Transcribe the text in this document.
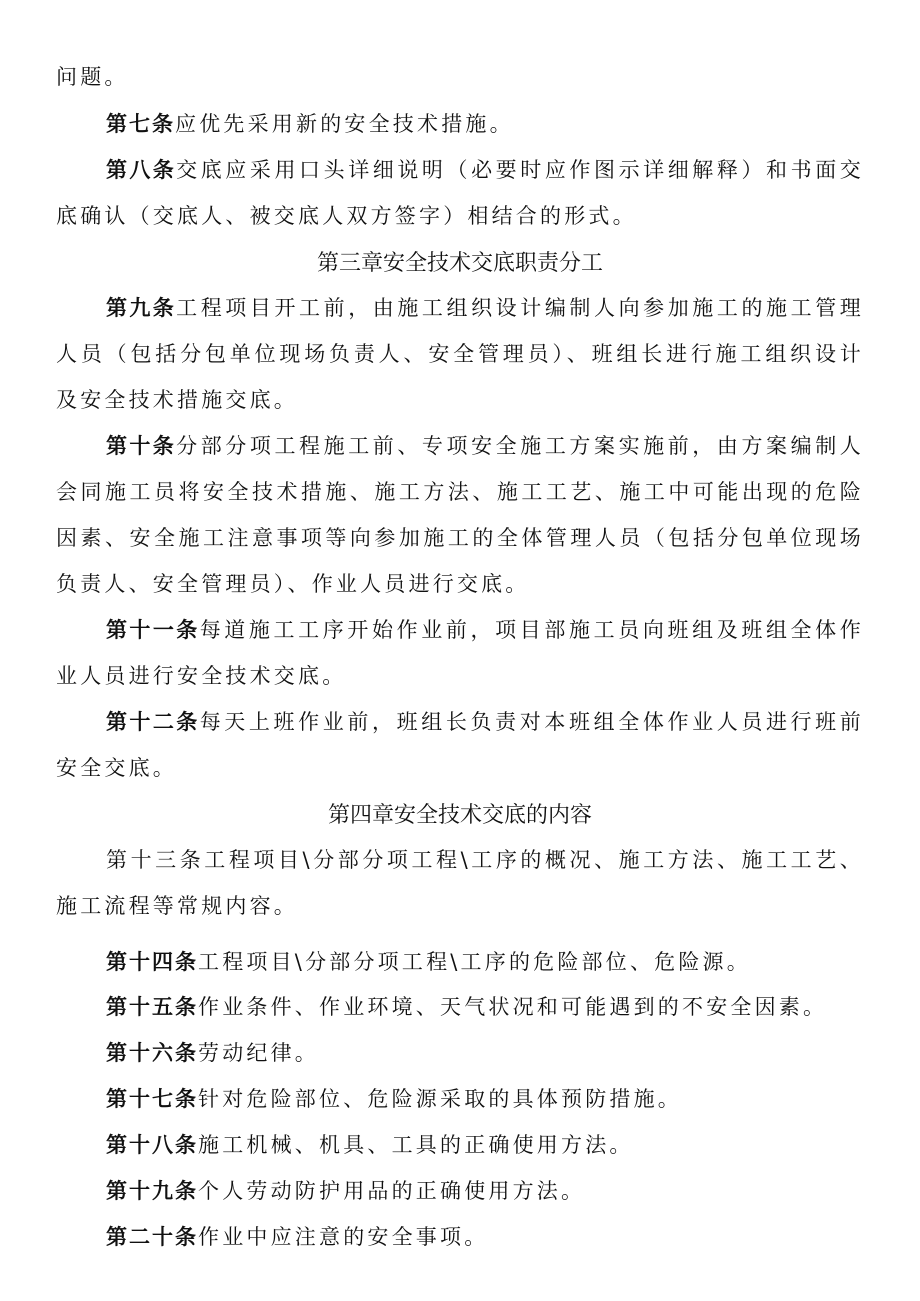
问题。

第七条应优先采用新的安全技术措施。

第八条交底应采用口头详细说明（必要时应作图示详细解释）和书面交底确认（交底人、被交底人双方签字）相结合的形式。

第三章安全技术交底职责分工

第九条工程项目开工前，由施工组织设计编制人向参加施工的施工管理人员（包括分包单位现场负责人、安全管理员）、班组长进行施工组织设计及安全技术措施交底。

第十条分部分项工程施工前、专项安全施工方案实施前，由方案编制人会同施工员将安全技术措施、施工方法、施工工艺、施工中可能出现的危险因素、安全施工注意事项等向参加施工的全体管理人员（包括分包单位现场负责人、安全管理员）、作业人员进行交底。

第十一条每道施工工序开始作业前，项目部施工员向班组及班组全体作业人员进行安全技术交底。

第十二条每天上班作业前，班组长负责对本班组全体作业人员进行班前安全交底。

第四章安全技术交底的内容

第十三条工程项目\分部分项工程\工序的概况、施工方法、施工工艺、施工流程等常规内容。

第十四条工程项目\分部分项工程\工序的危险部位、危险源。

第十五条作业条件、作业环境、天气状况和可能遇到的不安全因素。

第十六条劳动纪律。

第十七条针对危险部位、危险源采取的具体预防措施。

第十八条施工机械、机具、工具的正确使用方法。

第十九条个人劳动防护用品的正确使用方法。

第二十条作业中应注意的安全事项。
